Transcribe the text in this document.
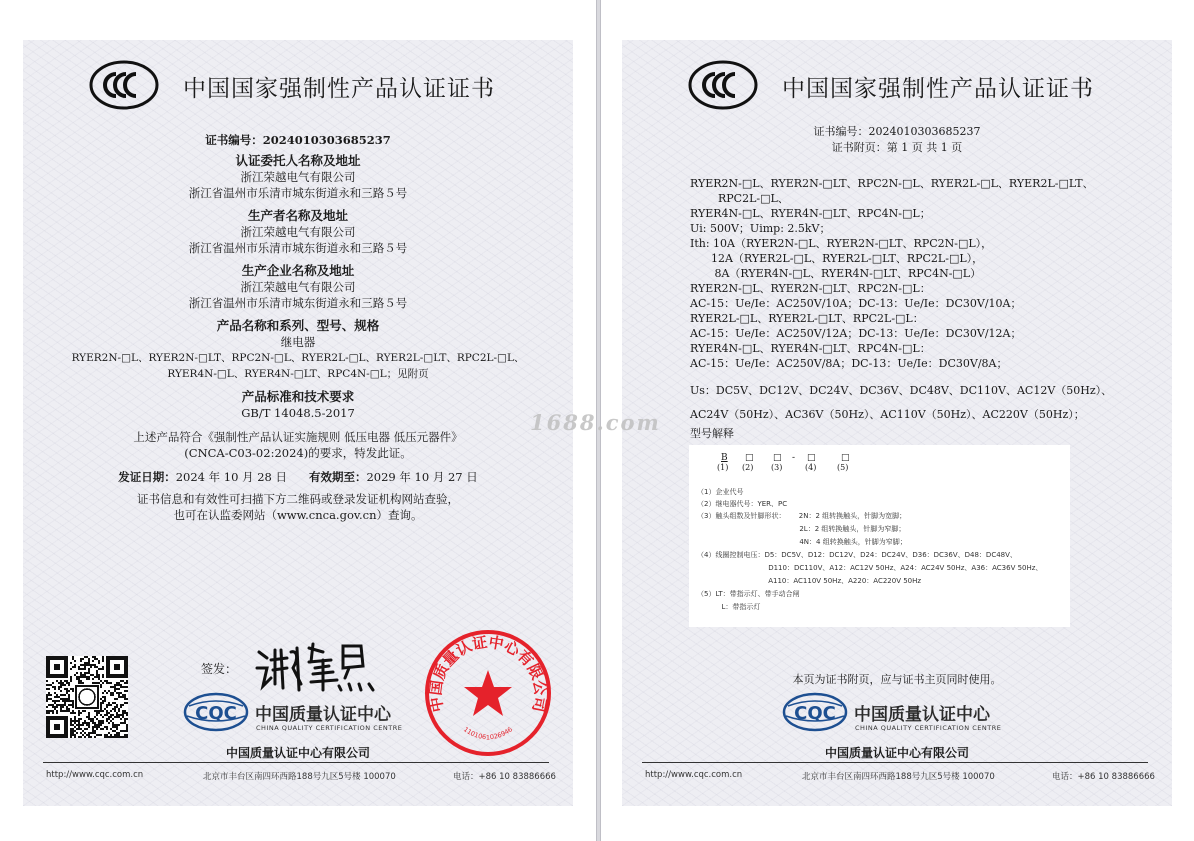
中国国家强制性产品认证证书
证书编号：2024010303685237
认证委托人名称及地址
浙江荣越电气有限公司
浙江省温州市乐清市城东街道永和三路５号
生产者名称及地址
浙江荣越电气有限公司
浙江省温州市乐清市城东街道永和三路５号
生产企业名称及地址
浙江荣越电气有限公司
浙江省温州市乐清市城东街道永和三路５号
产品名称和系列、型号、规格
继电器
RYER2N-□L、RYER2N-□LT、RPC2N-□L、RYER2L-□L、RYER2L-□LT、RPC2L-□L、
RYER4N-□L、RYER4N-□LT、RPC4N-□L；见附页
产品标准和技术要求
GB/T 14048.5-2017
上述产品符合《强制性产品认证实施规则 低压电器 低压元器件》
(CNCA-C03-02:2024)的要求，特发此证。
发证日期：2024 年 10 月 28 日 有效期至：2029 年 10 月 27 日
证书信息和有效性可扫描下方二维码或登录发证机构网站查验，
也可在认监委网站（www.cnca.gov.cn）查询。
签发：
中国质量认证中心有限公司
1101061026946
CQC 中国质量认证中心
CHINA QUALITY CERTIFICATION CENTRE
中国质量认证中心有限公司
http://www.cqc.com.cn	北京市丰台区南四环西路188号九区5号楼 100070	电话：+86 10 83886666
中国国家强制性产品认证证书
证书编号：2024010303685237
证书附页：第 1 页 共 1 页
RYER2N-□L、RYER2N-□LT、RPC2N-□L、RYER2L-□L、RYER2L-□LT、
RPC2L-□L、
RYER4N-□L、RYER4N-□LT、RPC4N-□L；
Ui: 500V；Uimp: 2.5kV；
Ith: 10A（RYER2N-□L、RYER2N-□LT、RPC2N-□L），
12A（RYER2L-□L、RYER2L-□LT、RPC2L-□L），
8A（RYER4N-□L、RYER4N-□LT、RPC4N-□L）
RYER2N-□L、RYER2N-□LT、RPC2N-□L：
AC-15：Ue/Ie：AC250V/10A；DC-13：Ue/Ie：DC30V/10A；
RYER2L-□L、RYER2L-□LT、RPC2L-□L：
AC-15：Ue/Ie：AC250V/12A；DC-13：Ue/Ie：DC30V/12A；
RYER4N-□L、RYER4N-□LT、RPC4N-□L：
AC-15：Ue/Ie：AC250V/8A；DC-13：Ue/Ie：DC30V/8A；
Us：DC5V、DC12V、DC24V、DC36V、DC48V、DC110V、AC12V（50Hz）、
AC24V（50Hz）、AC36V（50Hz）、AC110V（50Hz）、AC220V（50Hz）；
型号解释
B □ □ - □	□
(1) (2) (3)	(4)	(5)
（1）企业代号
（2）继电器代号：YER、PC
（3）触头组数及针脚形状：      2N：2 组转换触头，针脚为宽脚；
2L：2 组转换触头，针脚为窄脚；
4N：4 组转换触头，针脚为窄脚；
（4）线圈控制电压：D5：DC5V、D12：DC12V、D24：DC24V、D36：DC36V、D48：DC48V、
D110：DC110V、A12：AC12V 50Hz、A24：AC24V 50Hz、A36：AC36V 50Hz、
A110：AC110V 50Hz、A220：AC220V 50Hz
（5）LT：带指示灯、带手动合闸
L：带指示灯
本页为证书附页，应与证书主页同时使用。
CQC 中国质量认证中心
CHINA QUALITY CERTIFICATION CENTRE
中国质量认证中心有限公司
http://www.cqc.com.cn	北京市丰台区南四环西路188号九区5号楼 100070	电话：+86 10 83886666
1688.com
